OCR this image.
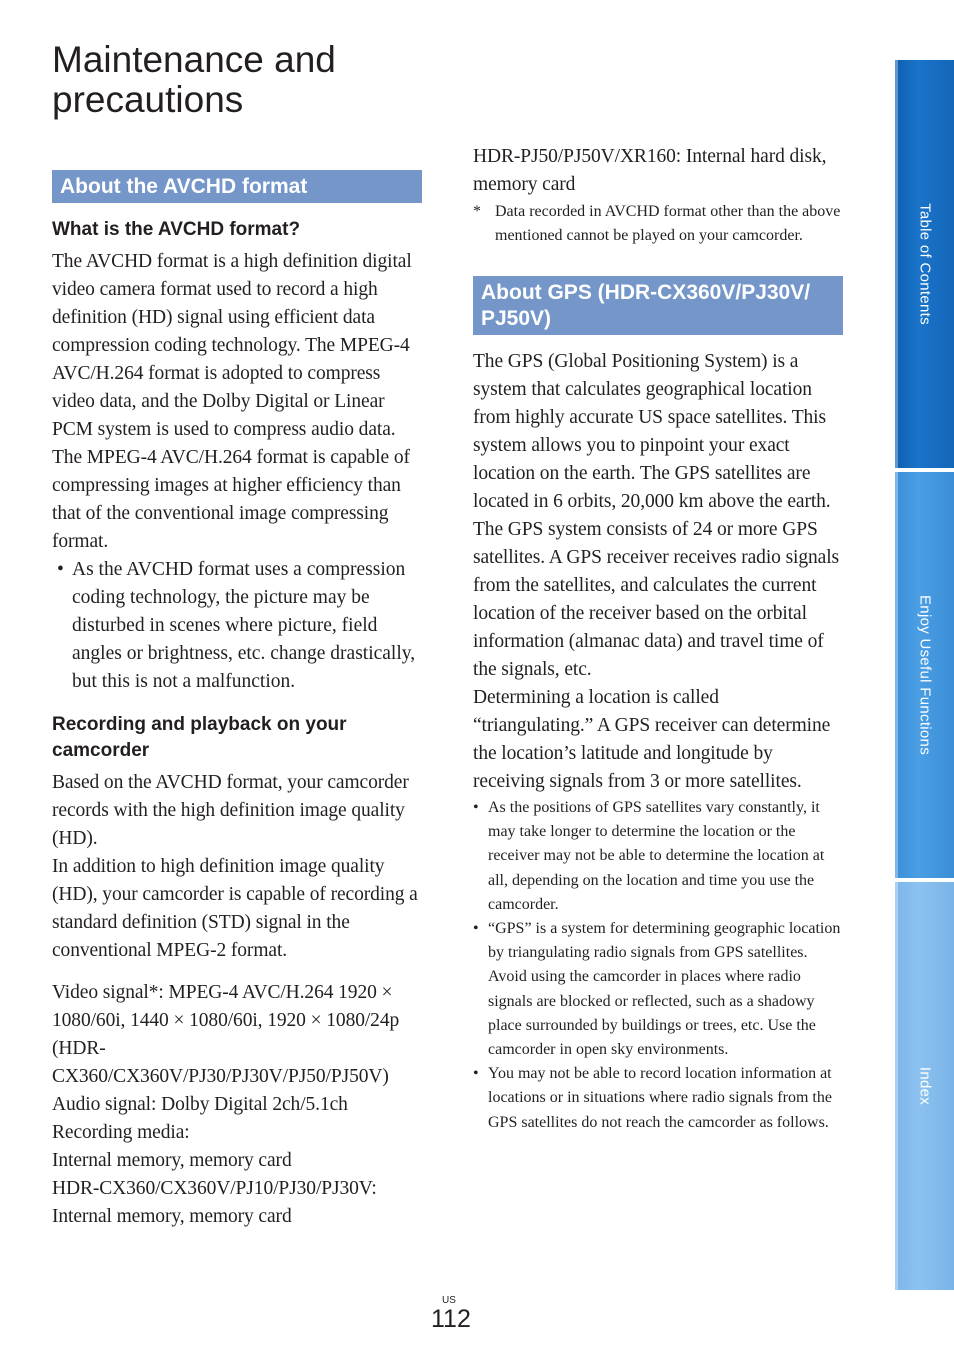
Maintenance and precautions
About the AVCHD format
What is the AVCHD format?

The AVCHD format is a high definition digital video camera format used to record a high definition (HD) signal using efficient data compression coding technology. The MPEG-4 AVC/H.264 format is adopted to compress video data, and the Dolby Digital or Linear PCM system is used to compress audio data.

The MPEG-4 AVC/H.264 format is capable of compressing images at higher efficiency than that of the conventional image compressing format.

• As the AVCHD format uses a compression coding technology, the picture may be disturbed in scenes where picture, field angles or brightness, etc. change drastically, but this is not a malfunction.
Recording and playback on your camcorder

Based on the AVCHD format, your camcorder records with the high definition image quality (HD).

In addition to high definition image quality (HD), your camcorder is capable of recording a standard definition (STD) signal in the conventional MPEG-2 format.

Video signal*: MPEG-4 AVC/H.264 1920 × 1080/60i, 1440 × 1080/60i, 1920 × 1080/24p (HDR-CX360/CX360V/PJ30/PJ30V/PJ50/PJ50V)

Audio signal: Dolby Digital 2ch/5.1ch

Recording media:

Internal memory, memory card

HDR-CX360/CX360V/PJ10/PJ30/PJ30V:

Internal memory, memory card

HDR-PJ50/PJ50V/XR160: Internal hard disk, memory card

* Data recorded in AVCHD format other than the above mentioned cannot be played on your camcorder.
About GPS (HDR-CX360V/PJ30V/ PJ50V)

The GPS (Global Positioning System) is a system that calculates geographical location from highly accurate US space satellites. This system allows you to pinpoint your exact location on the earth. The GPS satellites are located in 6 orbits, 20,000 km above the earth. The GPS system consists of 24 or more GPS satellites. A GPS receiver receives radio signals from the satellites, and calculates the current location of the receiver based on the orbital information (almanac data) and travel time of the signals, etc.

Determining a location is called “triangulating.” A GPS receiver can determine the location’s latitude and longitude by receiving signals from 3 or more satellites.

• As the positions of GPS satellites vary constantly, it may take longer to determine the location or the receiver may not be able to determine the location at all, depending on the location and time you use the camcorder.
• “GPS” is a system for determining geographic location by triangulating radio signals from GPS satellites. Avoid using the camcorder in places where radio signals are blocked or reflected, such as a shadowy place surrounded by buildings or trees, etc. Use the camcorder in open sky environments.
• You may not be able to record location information at locations or in situations where radio signals from the GPS satellites do not reach the camcorder as follows.
Table of Contents
Enjoy Useful Functions
Index
US
112
